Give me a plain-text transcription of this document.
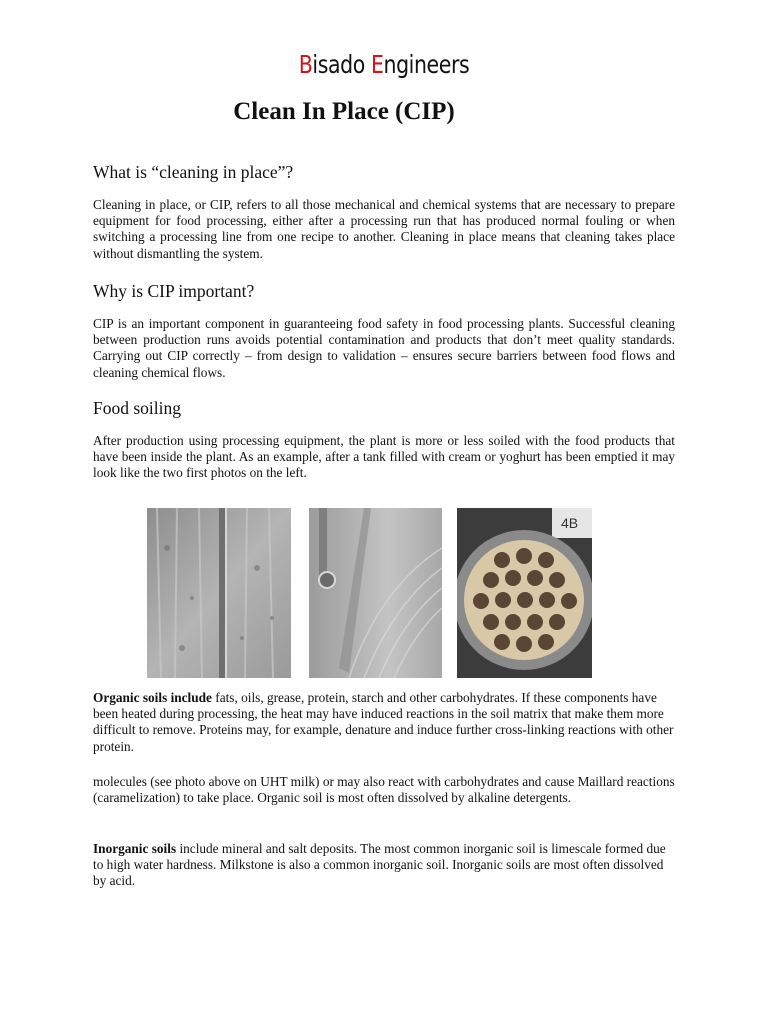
Bisado Engineers
Clean In Place (CIP)
What is “cleaning in place”?

Cleaning in place, or CIP, refers to all those mechanical and chemical systems that are necessary to prepare equipment for food processing, either after a processing run that has produced normal fouling or when switching a processing line from one recipe to another. Cleaning in place means that cleaning takes place without dismantling the system.

Why is CIP important?

CIP is an important component in guaranteeing food safety in food processing plants. Successful cleaning between production runs avoids potential contamination and products that don’t meet quality standards. Carrying out CIP correctly – from design to validation – ensures secure barriers between food flows and cleaning chemical flows.

Food soiling

After production using processing equipment, the plant is more or less soiled with the food products that have been inside the plant. As an example, after a tank filled with cream or yoghurt has been emptied it may look like the two first photos on the left.

4B

Organic soils include fats, oils, grease, protein, starch and other carbohydrates. If these components have been heated during processing, the heat may have induced reactions in the soil matrix that make them more difficult to remove. Proteins may, for example, denature and induce further cross-linking reactions with other protein.

molecules (see photo above on UHT milk) or may also react with carbohydrates and cause Maillard reactions (caramelization) to take place. Organic soil is most often dissolved by alkaline detergents.

Inorganic soils include mineral and salt deposits. The most common inorganic soil is limescale formed due to high water hardness. Milkstone is also a common inorganic soil. Inorganic soils are most often dissolved by acid.
